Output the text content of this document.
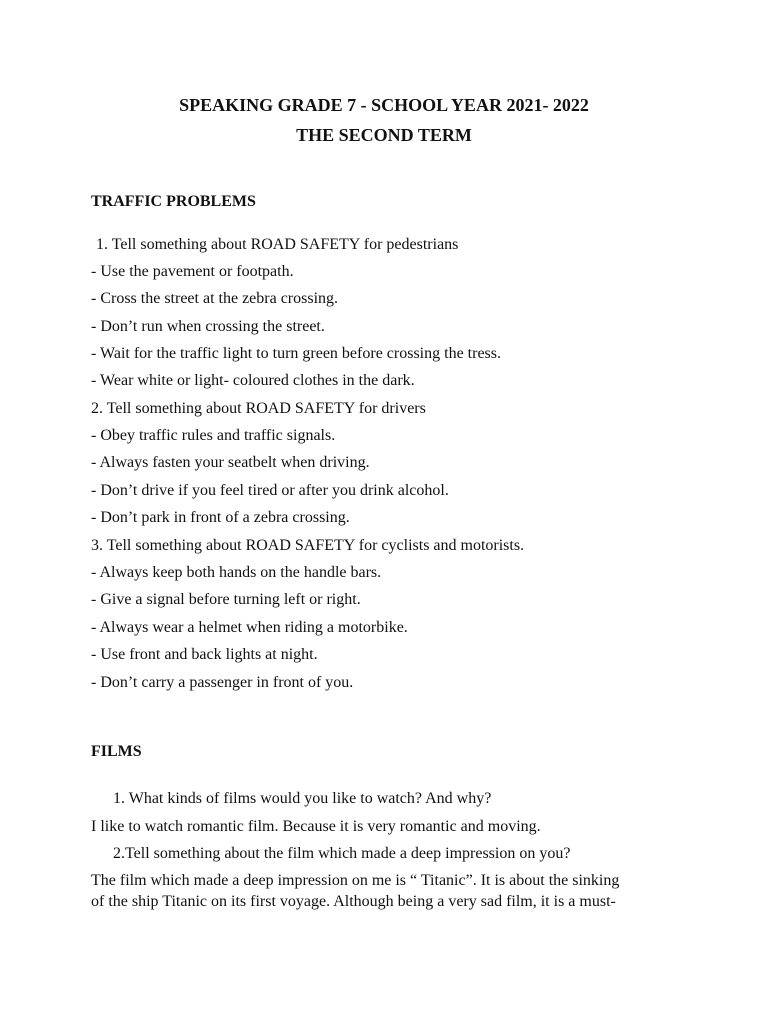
SPEAKING GRADE 7 - SCHOOL YEAR 2021- 2022
THE SECOND TERM
TRAFFIC PROBLEMS
1. Tell something about ROAD SAFETY for pedestrians
- Use the pavement or footpath.
- Cross the street at the zebra crossing.
- Don’t run when crossing the street.
- Wait for the traffic light to turn green before crossing the tress.
- Wear white or light- coloured clothes in the dark.
2. Tell something about ROAD SAFETY for drivers
- Obey traffic rules and traffic signals.
- Always fasten your seatbelt when driving.
- Don’t drive if you feel tired or after you drink alcohol.
- Don’t park in front of a zebra crossing.
3. Tell something about ROAD SAFETY for cyclists and motorists.
- Always keep both hands on the handle bars.
- Give a signal before turning left or right.
- Always wear a helmet when riding a motorbike.
- Use front and back lights at night.
- Don’t carry a passenger in front of you.
FILMS
1. What kinds of films would you like to watch? And why?
I like to watch romantic film. Because it is very romantic and moving.
2.Tell something about the film which made a deep impression on you?
The film which made a deep impression on me is “ Titanic”. It is about the sinking
of the ship Titanic on its first voyage. Although being a very sad film, it is a must-
